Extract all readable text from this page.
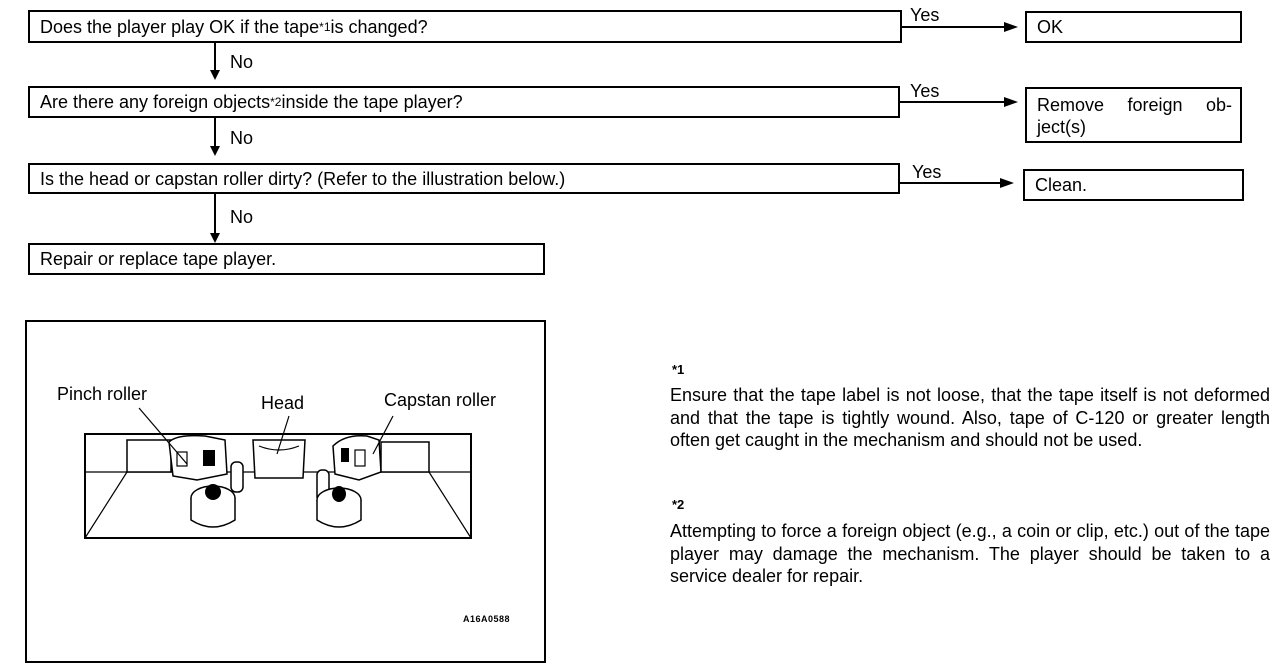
Does the player play OK if the tape *1 is changed?
Are there any foreign objects *2 inside the tape player?
Is the head or capstan roller dirty? (Refer to the illustration below.)
Repair or replace tape player.
OK
Remove foreign ob- ject(s)
Clean.
Yes
Yes
Yes
No
No
No
Pinch roller	Head	Capstan roller
A16A0588
*1
Ensure that the tape label is not loose, that the tape itself is not deformed and that the tape is tightly wound. Also, tape of C-120 or greater length often get caught in the mechanism and should not be used.
*2
Attempting to force a foreign object (e.g., a coin or clip, etc.) out of the tape player may damage the mechanism. The player should be taken to a service dealer for repair.
